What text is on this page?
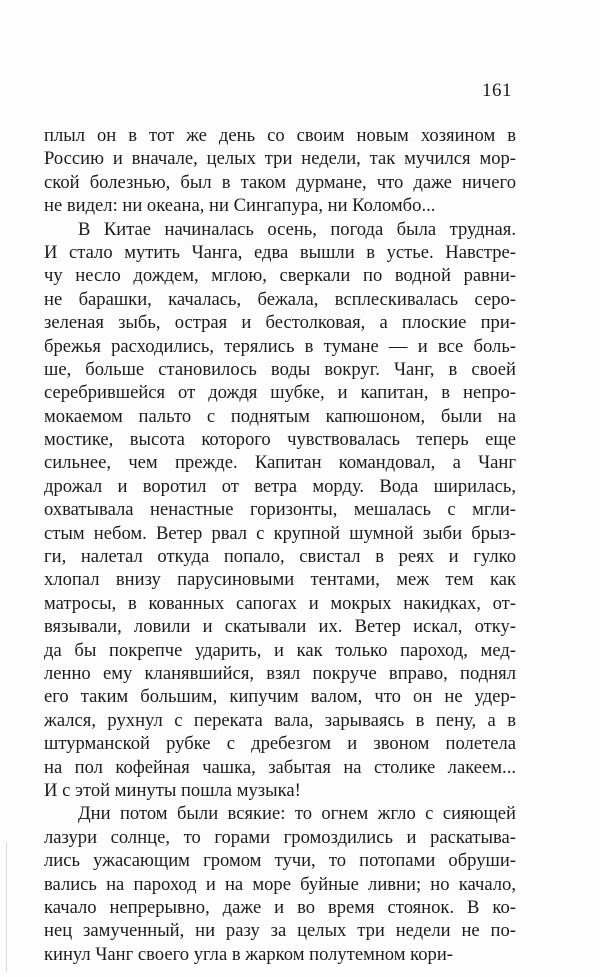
161
плыл он в тот же день со своим новым хозяином в
Россию и вначале, целых три недели, так мучился мор-
ской болезнью, был в таком дурмане, что даже ничего
не видел: ни океана, ни Сингапура, ни Коломбо...
В Китае начиналась осень, погода была трудная.
И стало мутить Чанга, едва вышли в устье. Навстре-
чу несло дождем, мглою, сверкали по водной равни-
не барашки, качалась, бежала, всплескивалась серо-
зеленая зыбь, острая и бестолковая, а плоские при-
брежья расходились, терялись в тумане — и все боль-
ше, больше становилось воды вокруг. Чанг, в своей
серебрившейся от дождя шубке, и капитан, в непро-
мокаемом пальто с поднятым капюшоном, были на
мостике, высота которого чувствовалась теперь еще
сильнее, чем прежде. Капитан командовал, а Чанг
дрожал и воротил от ветра морду. Вода ширилась,
охватывала ненастные горизонты, мешалась с мгли-
стым небом. Ветер рвал с крупной шумной зыби брыз-
ги, налетал откуда попало, свистал в реях и гулко
хлопал внизу парусиновыми тентами, меж тем как
матросы, в кованных сапогах и мокрых накидках, от-
вязывали, ловили и скатывали их. Ветер искал, отку-
да бы покрепче ударить, и как только пароход, мед-
ленно ему кланявшийся, взял покруче вправо, поднял
его таким большим, кипучим валом, что он не удер-
жался, рухнул с переката вала, зарываясь в пену, а в
штурманской рубке с дребезгом и звоном полетела
на пол кофейная чашка, забытая на столике лакеем...
И с этой минуты пошла музыка!
Дни потом были всякие: то огнем жгло с сияющей
лазури солнце, то горами громоздились и раскатыва-
лись ужасающим громом тучи, то потопами обруши-
вались на пароход и на море буйные ливни; но качало,
качало непрерывно, даже и во время стоянок. В ко-
нец замученный, ни разу за целых три недели не по-
кинул Чанг своего угла в жарком полутемном кори-
